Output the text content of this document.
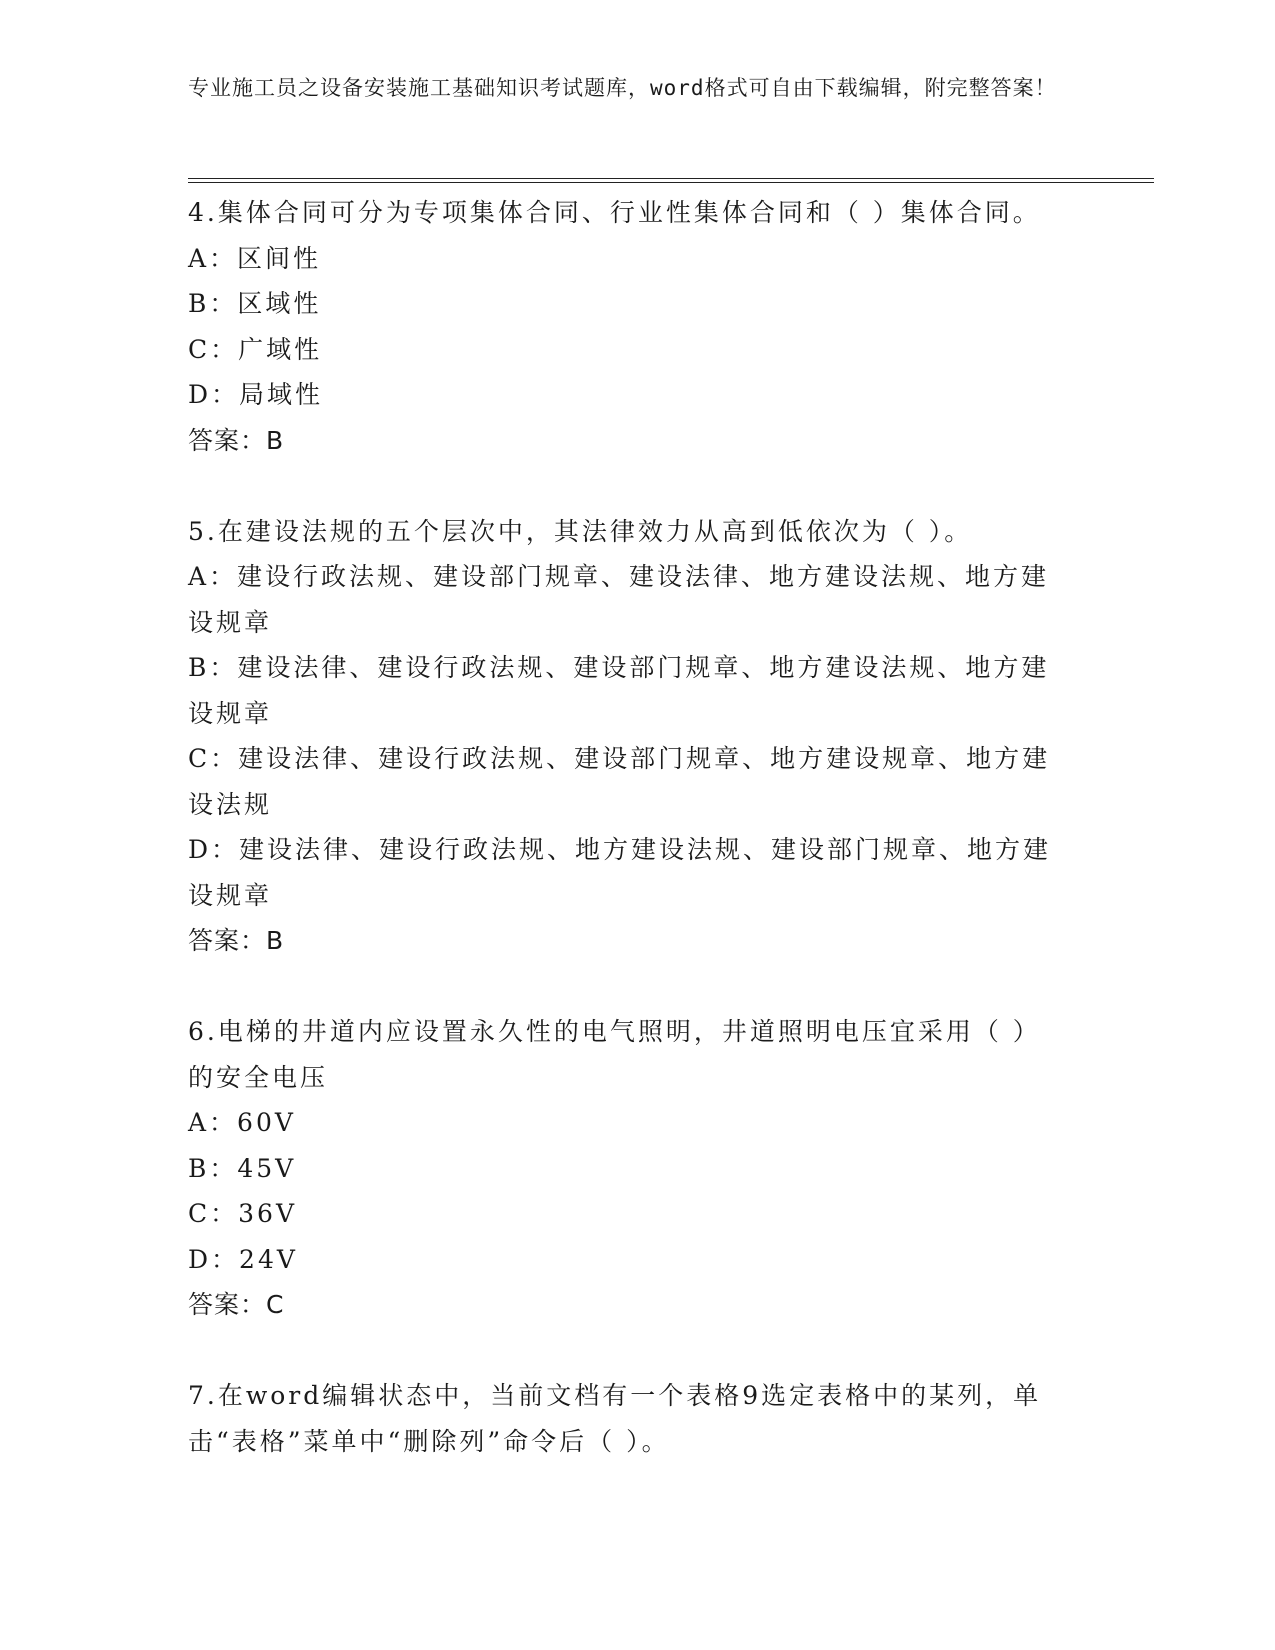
专业施工员之设备安装施工基础知识考试题库，word格式可自由下载编辑，附完整答案！

4.集体合同可分为专项集体合同、行业性集体合同和（ ）集体合同。

A：区间性

B：区域性

C：广域性

D：局域性

答案：B

5.在建设法规的五个层次中，其法律效力从高到低依次为（ ）。

A：建设行政法规、建设部门规章、建设法律、地方建设法规、地方建设规章

B：建设法律、建设行政法规、建设部门规章、地方建设法规、地方建设规章

C：建设法律、建设行政法规、建设部门规章、地方建设规章、地方建设法规

D：建设法律、建设行政法规、地方建设法规、建设部门规章、地方建设规章

答案：B

6.电梯的井道内应设置永久性的电气照明，井道照明电压宜采用（ ）的安全电压

A：60V

B：45V

C：36V

D：24V

答案：C

7.在word编辑状态中，当前文档有一个表格9选定表格中的某列，单击“表格”菜单中“删除列”命令后（ ）。
